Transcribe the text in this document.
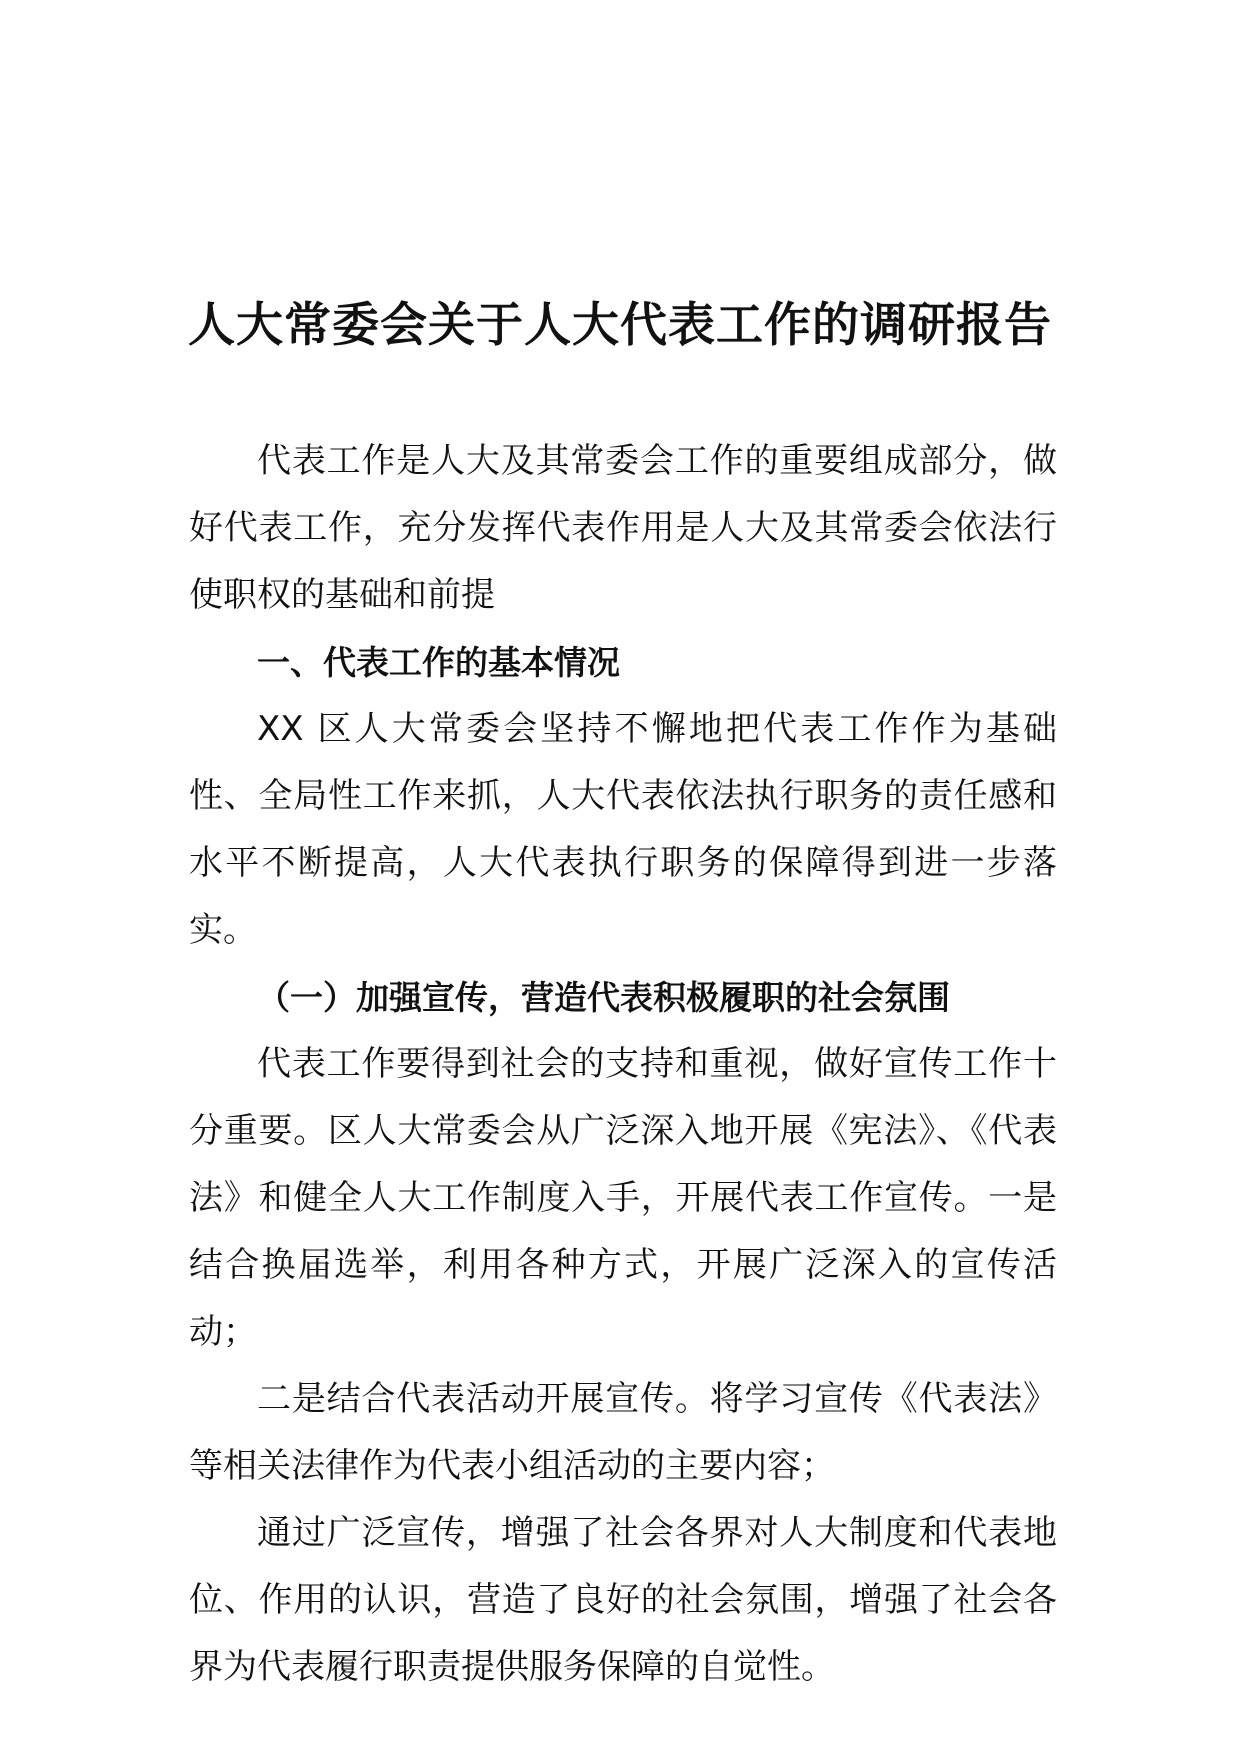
人大常委会关于人大代表工作的调研报告

代表工作是人大及其常委会工作的重要组成部分，做好代表工作，充分发挥代表作用是人大及其常委会依法行使职权的基础和前提

一、代表工作的基本情况

XX 区人大常委会坚持不懈地把代表工作作为基础性、全局性工作来抓，人大代表依法执行职务的责任感和水平不断提高，人大代表执行职务的保障得到进一步落实。

（一）加强宣传，营造代表积极履职的社会氛围

代表工作要得到社会的支持和重视，做好宣传工作十分重要。区人大常委会从广泛深入地开展《宪法》、《代表法》和健全人大工作制度入手，开展代表工作宣传。一是结合换届选举，利用各种方式，开展广泛深入的宣传活动；

二是结合代表活动开展宣传。将学习宣传《代表法》等相关法律作为代表小组活动的主要内容；

通过广泛宣传，增强了社会各界对人大制度和代表地位、作用的认识，营造了良好的社会氛围，增强了社会各界为代表履行职责提供服务保障的自觉性。
